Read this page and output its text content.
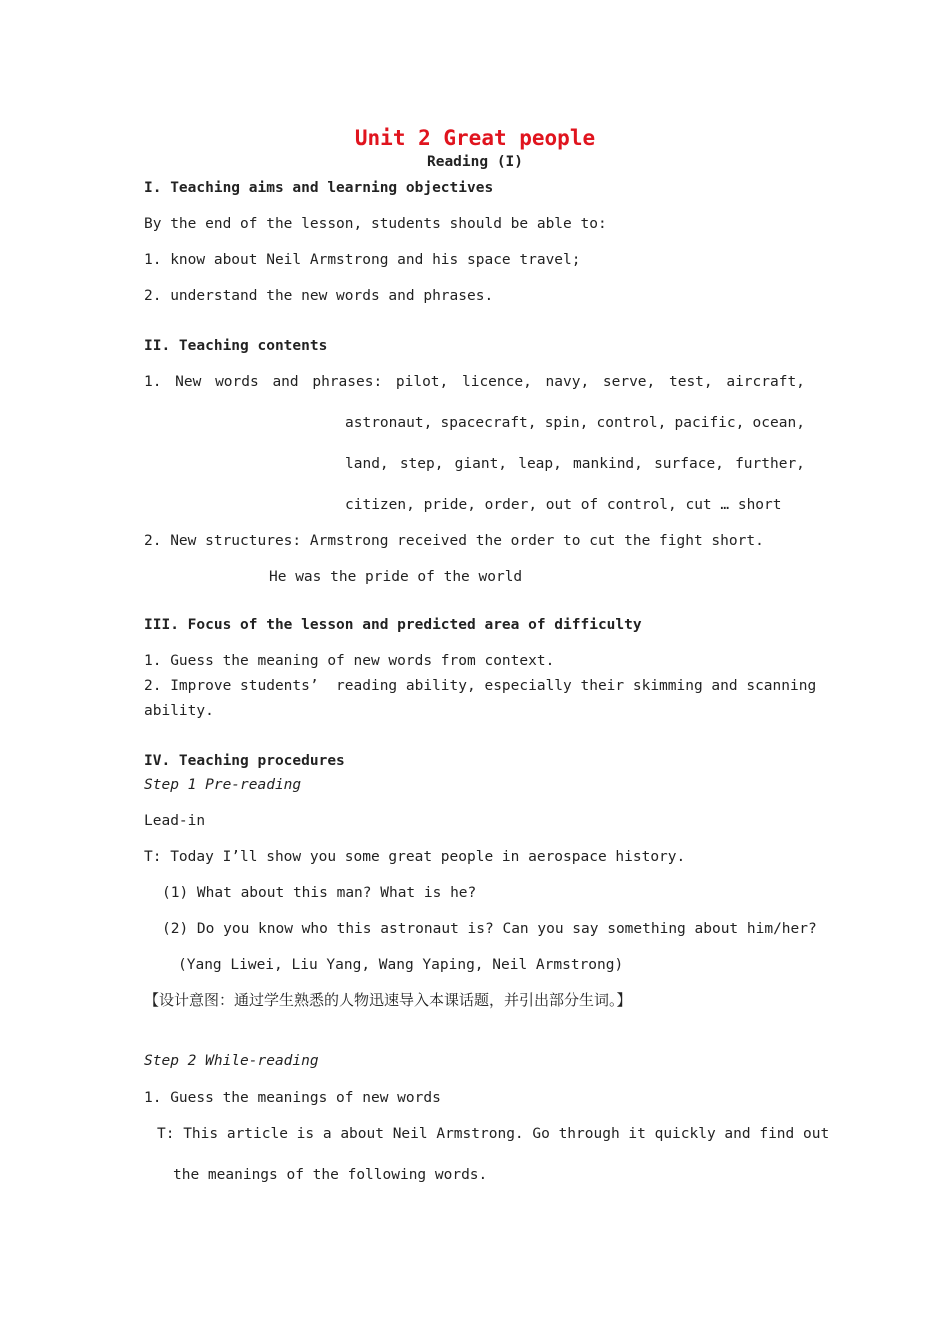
Unit 2 Great people
Reading (I)
I. Teaching aims and learning objectives
By the end of the lesson, students should be able to:
1. know about Neil Armstrong and his space travel;
2. understand the new words and phrases.
II. Teaching contents
1. New words and phrases: pilot, licence, navy, serve, test, aircraft,
astronaut, spacecraft, spin, control, pacific, ocean,
land, step, giant, leap, mankind, surface, further,
citizen, pride, order, out of control, cut … short
2. New structures: Armstrong received the order to cut the fight short.
He was the pride of the world
III. Focus of the lesson and predicted area of difficulty
1. Guess the meaning of new words from context.
2. Improve students’  reading ability, especially their skimming and scanning
ability.
IV. Teaching procedures
Step 1 Pre-reading
Lead-in
T: Today I’ll show you some great people in aerospace history.
(1) What about this man? What is he?
(2) Do you know who this astronaut is? Can you say something about him/her?
(Yang Liwei, Liu Yang, Wang Yaping, Neil Armstrong)
【设计意图：通过学生熟悉的人物迅速导入本课话题，并引出部分生词。】
Step 2 While-reading
1. Guess the meanings of new words
T: This article is a about Neil Armstrong. Go through it quickly and find out
the meanings of the following words.
